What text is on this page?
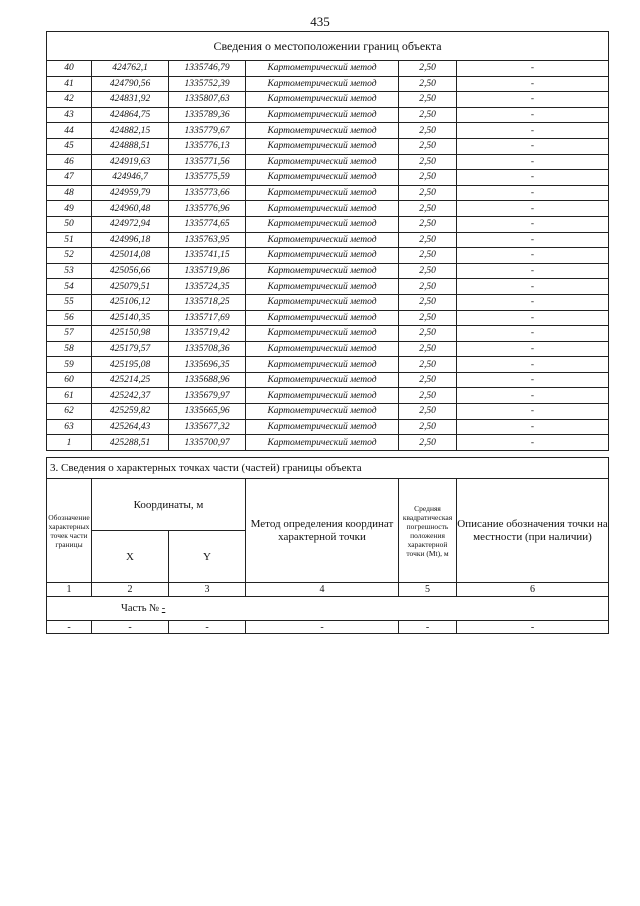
435
Сведения о местоположении границ объекта					
40	424762,1	1335746,79	Картометрический метод	2,50	-
41	424790,56	1335752,39	Картометрический метод	2,50	-
42	424831,92	1335807,63	Картометрический метод	2,50	-
43	424864,75	1335789,36	Картометрический метод	2,50	-
44	424882,15	1335779,67	Картометрический метод	2,50	-
45	424888,51	1335776,13	Картометрический метод	2,50	-
46	424919,63	1335771,56	Картометрический метод	2,50	-
47	424946,7	1335775,59	Картометрический метод	2,50	-
48	424959,79	1335773,66	Картометрический метод	2,50	-
49	424960,48	1335776,96	Картометрический метод	2,50	-
50	424972,94	1335774,65	Картометрический метод	2,50	-
51	424996,18	1335763,95	Картометрический метод	2,50	-
52	425014,08	1335741,15	Картометрический метод	2,50	-
53	425056,66	1335719,86	Картометрический метод	2,50	-
54	425079,51	1335724,35	Картометрический метод	2,50	-
55	425106,12	1335718,25	Картометрический метод	2,50	-
56	425140,35	1335717,69	Картометрический метод	2,50	-
57	425150,98	1335719,42	Картометрический метод	2,50	-
58	425179,57	1335708,36	Картометрический метод	2,50	-
59	425195,08	1335696,35	Картометрический метод	2,50	-
60	425214,25	1335688,96	Картометрический метод	2,50	-
61	425242,37	1335679,97	Картометрический метод	2,50	-
62	425259,82	1335665,96	Картометрический метод	2,50	-
63	425264,43	1335677,32	Картометрический метод	2,50	-
1	425288,51	1335700,97	Картометрический метод	2,50	-
3. Сведения о характерных точках части (частей) границы объекта					
Обозначение характерных точек части границы	Координаты, м		Метод определения координат характерной точки	Средняя квадратическая погрешность положения характерной точки (Mt), м	Описание обозначения точки на местности (при наличии)
	X	Y			
1	2	3	4	5	6
Часть № -					
-	-	-	-	-	-
